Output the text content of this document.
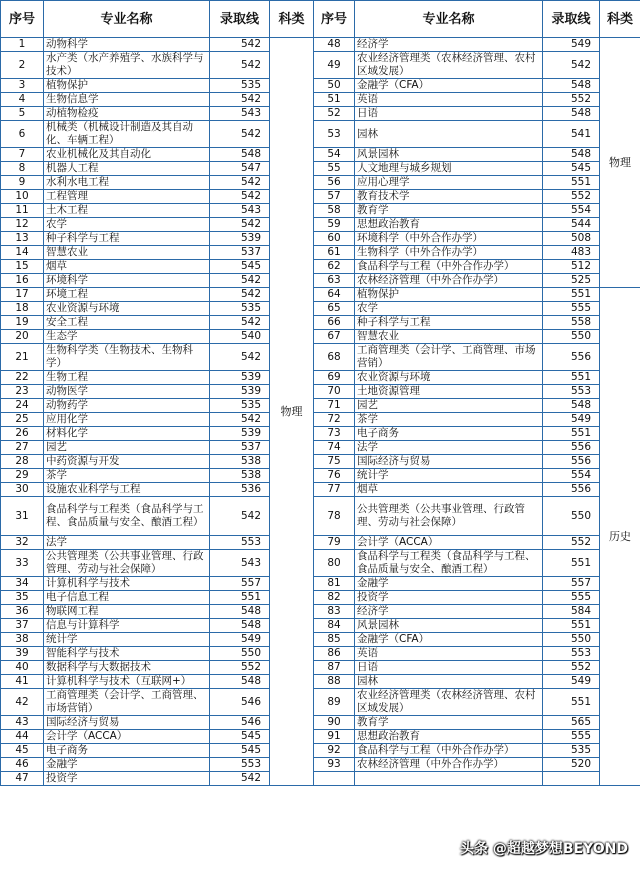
序号	专业名称	录取线	科类	序号	专业名称	录取线	科类
1	动物科学	542	物理	48	经济学	549	物理
2	水产类（水产养殖学、水族科学与技术）	542		49	农业经济管理类（农林经济管理、农村区域发展）	542	
3	植物保护	535		50	金融学（CFA）	548	
4	生物信息学	542		51	英语	552	
5	动植物检疫	543		52	日语	548	
6	机械类（机械设计制造及其自动化、车辆工程）	542		53	园林	541	
7	农业机械化及其自动化	548		54	风景园林	548	
8	机器人工程	547		55	人文地理与城乡规划	545	
9	水利水电工程	542		56	应用心理学	551	
10	工程管理	542		57	教育技术学	552	
11	土木工程	543		58	教育学	554	
12	农学	542		59	思想政治教育	544	
13	种子科学与工程	539		60	环境科学（中外合作办学）	508	
14	智慧农业	537		61	生物科学（中外合作办学）	483	
15	烟草	545		62	食品科学与工程（中外合作办学）	512	
16	环境科学	542		63	农林经济管理（中外合作办学）	525	
17	环境工程	542		64	植物保护	551	历史
18	农业资源与环境	535		65	农学	555	
19	安全工程	542		66	种子科学与工程	558	
20	生态学	540		67	智慧农业	550	
21	生物科学类（生物技术、生物科学）	542		68	工商管理类（会计学、工商管理、市场营销）	556	
22	生物工程	539		69	农业资源与环境	551	
23	动物医学	539		70	土地资源管理	553	
24	动物药学	535		71	园艺	548	
25	应用化学	542		72	茶学	549	
26	材料化学	539		73	电子商务	551	
27	园艺	537		74	法学	556	
28	中药资源与开发	538		75	国际经济与贸易	556	
29	茶学	538		76	统计学	554	
30	设施农业科学与工程	536		77	烟草	556	
31	食品科学与工程类（食品科学与工程、食品质量与安全、酿酒工程）	542		78	公共管理类（公共事业管理、行政管理、劳动与社会保障）	550	
32	法学	553		79	会计学（ACCA）	552	
33	公共管理类（公共事业管理、行政管理、劳动与社会保障）	543		80	食品科学与工程类（食品科学与工程、食品质量与安全、酿酒工程）	551	
34	计算机科学与技术	557		81	金融学	557	
35	电子信息工程	551		82	投资学	555	
36	物联网工程	548		83	经济学	584	
37	信息与计算科学	548		84	风景园林	551	
38	统计学	549		85	金融学（CFA）	550	
39	智能科学与技术	550		86	英语	553	
40	数据科学与大数据技术	552		87	日语	552	
41	计算机科学与技术（互联网+）	548		88	园林	549	
42	工商管理类（会计学、工商管理、市场营销）	546		89	农业经济管理类（农林经济管理、农村区域发展）	551	
43	国际经济与贸易	546		90	教育学	565	
44	会计学（ACCA）	545		91	思想政治教育	555	
45	电子商务	545		92	食品科学与工程（中外合作办学）	535	
46	金融学	553		93	农林经济管理（中外合作办学）	520	
47	投资学	542					
头条 @超越梦想BEYOND
